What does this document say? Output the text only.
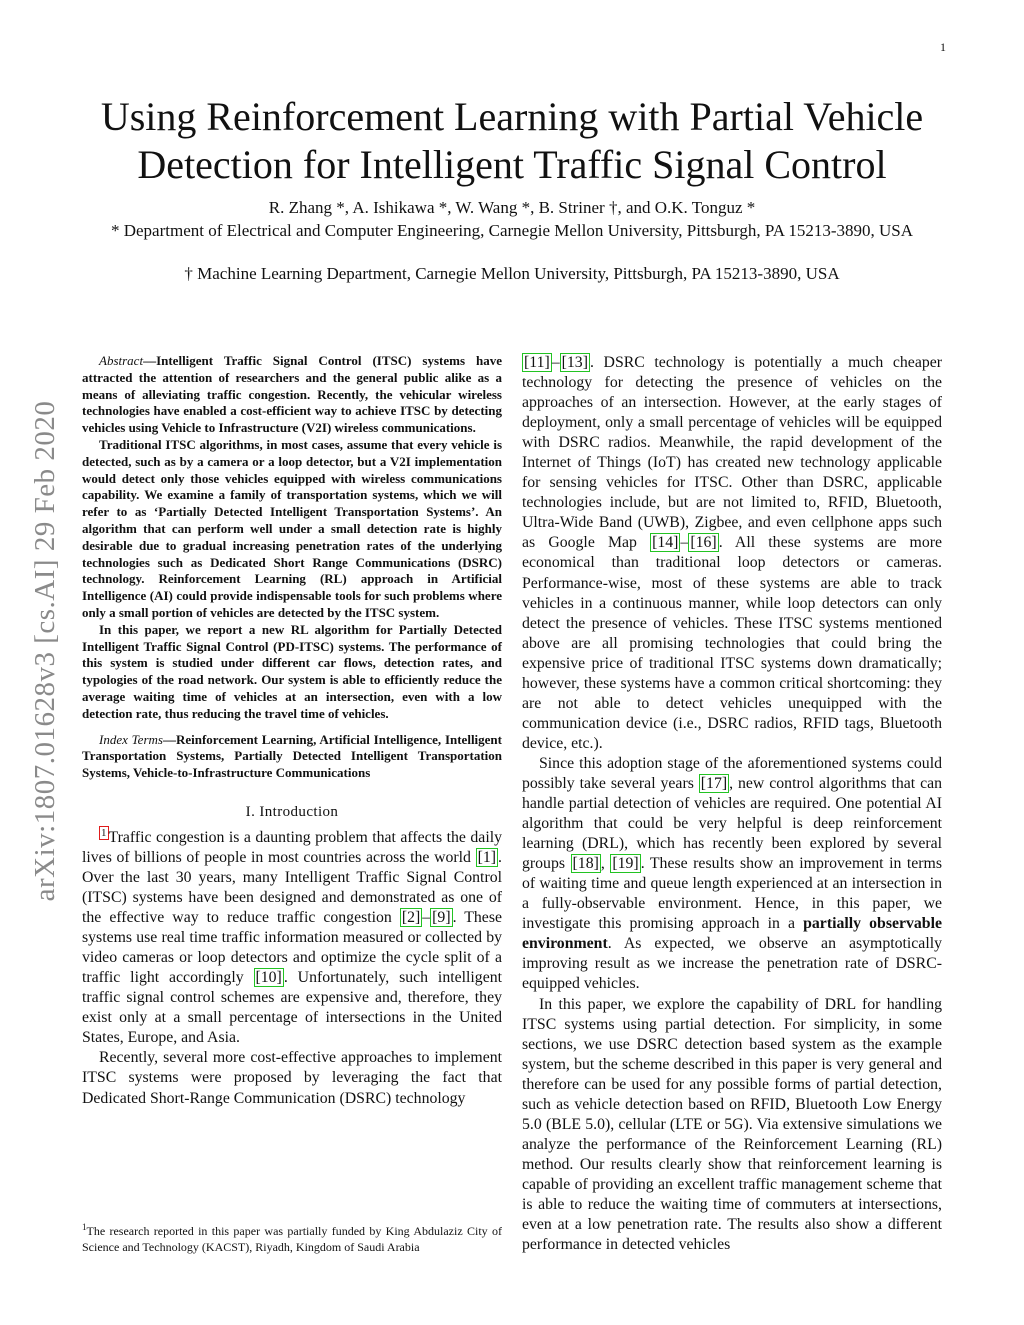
1
Using Reinforcement Learning with Partial Vehicle Detection for Intelligent Traffic Signal Control
R. Zhang *, A. Ishikawa *, W. Wang *, B. Striner †, and O.K. Tonguz *
* Department of Electrical and Computer Engineering, Carnegie Mellon University, Pittsburgh, PA 15213-3890, USA
† Machine Learning Department, Carnegie Mellon University, Pittsburgh, PA 15213-3890, USA
arXiv:1807.01628v3 [cs.AI] 29 Feb 2020

Abstract—Intelligent Traffic Signal Control (ITSC) systems have attracted the attention of researchers and the general public alike as a means of alleviating traffic congestion. Recently, the vehicular wireless technologies have enabled a cost-efficient way to achieve ITSC by detecting vehicles using Vehicle to Infrastructure (V2I) wireless communications.

Traditional ITSC algorithms, in most cases, assume that every vehicle is detected, such as by a camera or a loop detector, but a V2I implementation would detect only those vehicles equipped with wireless communications capability. We examine a family of transportation systems, which we will refer to as ‘Partially Detected Intelligent Transportation Systems’. An algorithm that can perform well under a small detection rate is highly desirable due to gradual increasing penetration rates of the underlying technologies such as Dedicated Short Range Communications (DSRC) technology. Reinforcement Learning (RL) approach in Artificial Intelligence (AI) could provide indispensable tools for such problems where only a small portion of vehicles are detected by the ITSC system.

In this paper, we report a new RL algorithm for Partially Detected Intelligent Traffic Signal Control (PD-ITSC) systems. The performance of this system is studied under different car flows, detection rates, and typologies of the road network. Our system is able to efficiently reduce the average waiting time of vehicles at an intersection, even with a low detection rate, thus reducing the travel time of vehicles.

Index Terms—Reinforcement Learning, Artificial Intelligence, Intelligent Transportation Systems, Partially Detected Intelligent Transportation Systems, Vehicle-to-Infrastructure Communications

I. Introduction

$^1$ Traffic congestion is a daunting problem that affects the daily lives of billions of people in most countries across the world [1] . Over the last 30 years, many Intelligent Traffic Signal Control (ITSC) systems have been designed and demonstrated as one of the effective way to reduce traffic congestion [2] – [9] . These systems use real time traffic information measured or collected by video cameras or loop detectors and optimize the cycle split of a traffic light accordingly [10] . Unfortunately, such intelligent traffic signal control schemes are expensive and, therefore, they exist only at a small percentage of intersections in the United States, Europe, and Asia.

Recently, several more cost-effective approaches to implement ITSC systems were proposed by leveraging the fact that Dedicated Short-Range Communication (DSRC) technology

$^1$The research reported in this paper was partially funded by King Abdulaziz City of Science and Technology (KACST), Riyadh, Kingdom of Saudi Arabia

[11] – [13] . DSRC technology is potentially a much cheaper technology for detecting the presence of vehicles on the approaches of an intersection. However, at the early stages of deployment, only a small percentage of vehicles will be equipped with DSRC radios. Meanwhile, the rapid development of the Internet of Things (IoT) has created new technology applicable for sensing vehicles for ITSC. Other than DSRC, applicable technologies include, but are not limited to, RFID, Bluetooth, Ultra-Wide Band (UWB), Zigbee, and even cellphone apps such as Google Map [14] – [16] . All these systems are more economical than traditional loop detectors or cameras. Performance-wise, most of these systems are able to track vehicles in a continuous manner, while loop detectors can only detect the presence of vehicles. These ITSC systems mentioned above are all promising technologies that could bring the expensive price of traditional ITSC systems down dramatically; however, these systems have a common critical shortcoming: they are not able to detect vehicles unequipped with the communication device (i.e., DSRC radios, RFID tags, Bluetooth device, etc.).

Since this adoption stage of the aforementioned systems could possibly take several years [17] , new control algorithms that can handle partial detection of vehicles are required. One potential AI algorithm that could be very helpful is deep reinforcement learning (DRL), which has recently been explored by several groups [18] , [19] . These results show an improvement in terms of waiting time and queue length experienced at an intersection in a fully-observable environment. Hence, in this paper, we investigate this promising approach in a partially observable environment. As expected, we observe an asymptotically improving result as we increase the penetration rate of DSRC-equipped vehicles.

In this paper, we explore the capability of DRL for handling ITSC systems using partial detection. For simplicity, in some sections, we use DSRC detection based system as the example system, but the scheme described in this paper is very general and therefore can be used for any possible forms of partial detection, such as vehicle detection based on RFID, Bluetooth Low Energy 5.0 (BLE 5.0), cellular (LTE or 5G). Via extensive simulations we analyze the performance of the Reinforcement Learning (RL) method. Our results clearly show that reinforcement learning is capable of providing an excellent traffic management scheme that is able to reduce the waiting time of commuters at intersections, even at a low penetration rate. The results also show a different performance in detected vehicles
